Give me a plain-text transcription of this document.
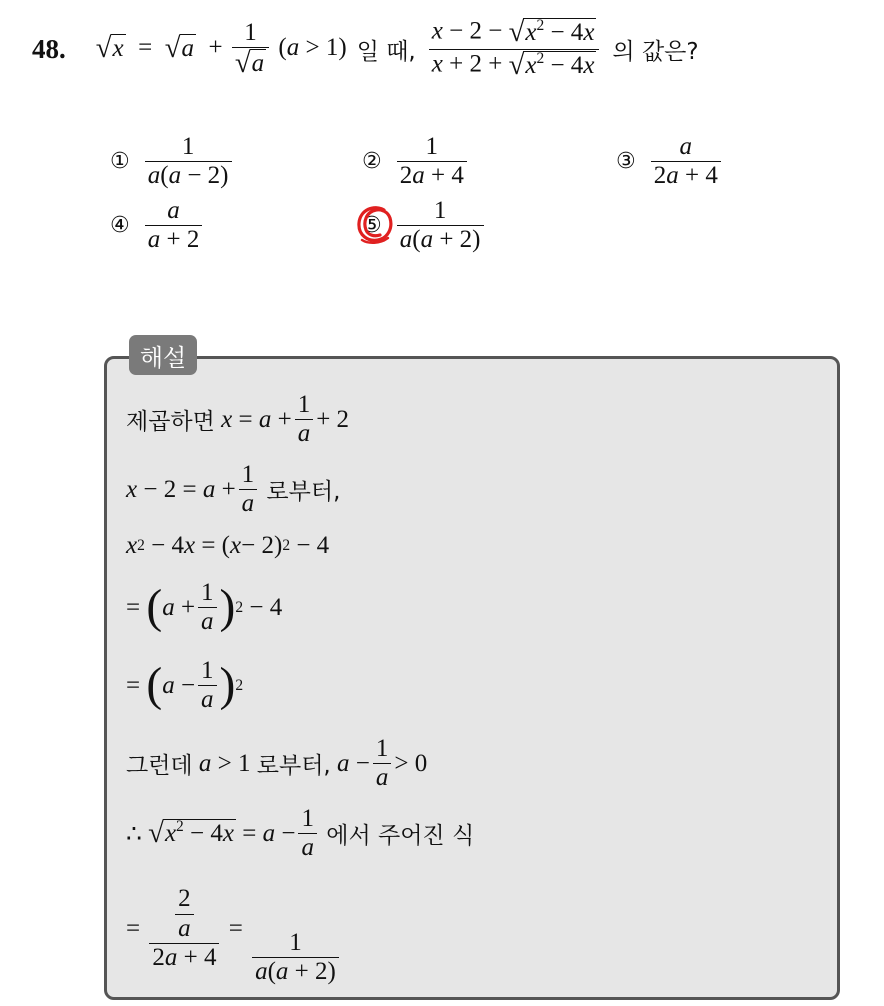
48. √ x = √ $a + \frac{1}{√ a} (a > 1)$ 일 때, $\frac{x - 2 - √ x^2 - 4x}{x + 2 + √ x^2 - 4x}$ 의 값은?
① $\frac{1}{a(a - 2)}$	② $\frac{1}{2a + 4}$	③ $\frac{a}{2a + 4}$
④ $\frac{a}{a + 2}$	⑤ $\frac{1}{a(a + 2)}$
해설
제곱하면
$x = a + \frac{1}{a} + 2$
$x - 2 = a + \frac{1}{a}$
로부터,
x 2 − 4 x = ( x − 2) 2 − 4
= ( $a + \frac{1}{a}$ ) 2 − 4
= ( $a - \frac{1}{a}$ ) 2
그런데
a > 1 로부터,
$a - \frac{1}{a} > 0$
∴ √ $x^2 - 4x = a - \frac{1}{a}$
에서 주어진 식
= $\frac{\frac{2}{a}}{2a + 4}$ =
$\frac{1}{a(a + 2)}$
